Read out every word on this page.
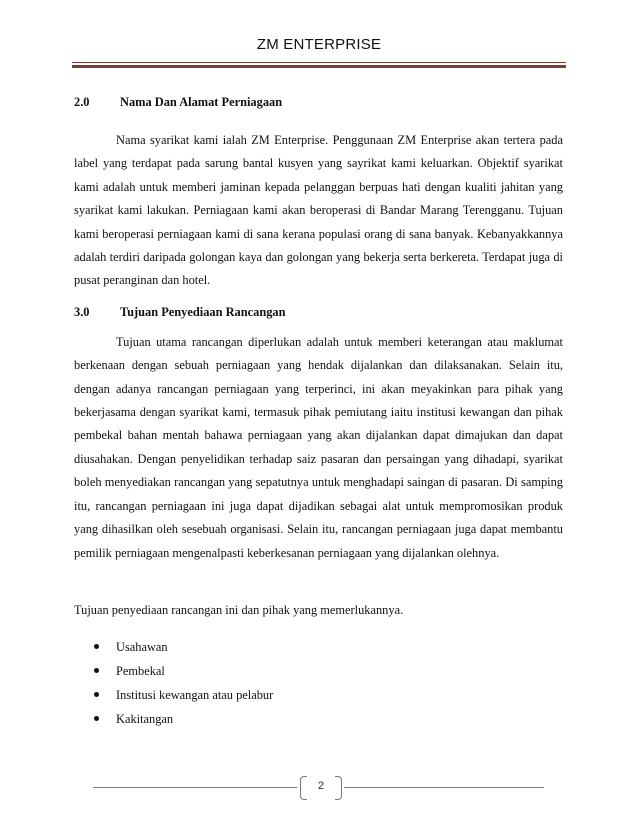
ZM ENTERPRISE

2.0 Nama Dan Alamat Perniagaan

Nama syarikat kami ialah ZM Enterprise. Penggunaan ZM Enterprise akan tertera pada label yang terdapat pada sarung bantal kusyen yang sayrikat kami keluarkan. Objektif syarikat kami adalah untuk memberi jaminan kepada pelanggan berpuas hati dengan kualiti jahitan yang syarikat kami lakukan. Perniagaan kami akan beroperasi di Bandar Marang Terengganu. Tujuan kami beroperasi perniagaan kami di sana kerana populasi orang di sana banyak. Kebanyakkannya adalah terdiri daripada golongan kaya dan golongan yang bekerja serta berkereta. Terdapat juga di pusat peranginan dan hotel.

3.0 Tujuan Penyediaan Rancangan

Tujuan utama rancangan diperlukan adalah untuk memberi keterangan atau maklumat berkenaan dengan sebuah perniagaan yang hendak dijalankan dan dilaksanakan. Selain itu, dengan adanya rancangan perniagaan yang terperinci, ini akan meyakinkan para pihak yang bekerjasama dengan syarikat kami, termasuk pihak pemiutang iaitu institusi kewangan dan pihak pembekal bahan mentah bahawa perniagaan yang akan dijalankan dapat dimajukan dan dapat diusahakan. Dengan penyelidikan terhadap saiz pasaran dan persaingan yang dihadapi, syarikat boleh menyediakan rancangan yang sepatutnya untuk menghadapi saingan di pasaran. Di samping itu, rancangan perniagaan ini juga dapat dijadikan sebagai alat untuk mempromosikan produk yang dihasilkan oleh sesebuah organisasi. Selain itu, rancangan perniagaan juga dapat membantu pemilik perniagaan mengenalpasti keberkesanan perniagaan yang dijalankan olehnya.

Tujuan penyediaan rancangan ini dan pihak yang memerlukannya.

Usahawan
Pembekal
Institusi kewangan atau pelabur
Kakitangan
2
